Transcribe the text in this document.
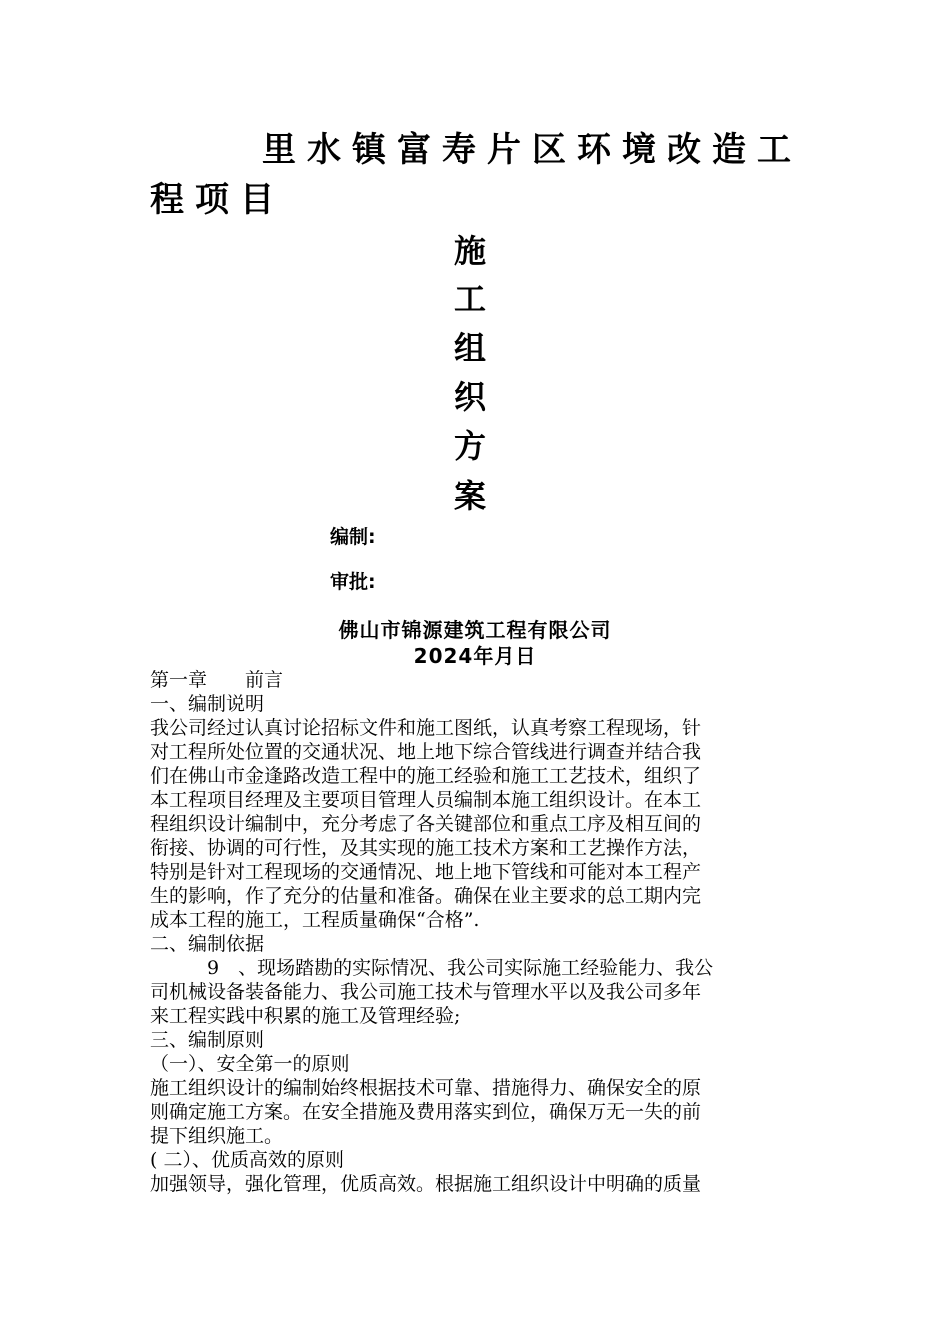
里水镇富寿片区环境改造工
程项目
施
工
组
织
方
案
编制:
审批:
佛山市锦源建筑工程有限公司
2024年月日
第一章　　前言
一、编制说明
我公司经过认真讨论招标文件和施工图纸，认真考察工程现场，针
对工程所处位置的交通状况、地上地下综合管线进行调查并结合我
们在佛山市金逢路改造工程中的施工经验和施工工艺技术，组织了
本工程项目经理及主要项目管理人员编制本施工组织设计。在本工
程组织设计编制中，充分考虑了各关键部位和重点工序及相互间的
衔接、协调的可行性，及其实现的施工技术方案和工艺操作方法，
特别是针对工程现场的交通情况、地上地下管线和可能对本工程产
生的影响，作了充分的估量和准备。确保在业主要求的总工期内完
成本工程的施工，工程质量确保“合格”.
二、编制依据
　　　9　、现场踏勘的实际情况、我公司实际施工经验能力、我公
司机械设备装备能力、我公司施工技术与管理水平以及我公司多年
来工程实践中积累的施工及管理经验;
三、编制原则
（一）、安全第一的原则
施工组织设计的编制始终根据技术可靠、措施得力、确保安全的原
则确定施工方案。在安全措施及费用落实到位，确保万无一失的前
提下组织施工。
( 二）、优质高效的原则
加强领导，强化管理，优质高效。根据施工组织设计中明确的质量
